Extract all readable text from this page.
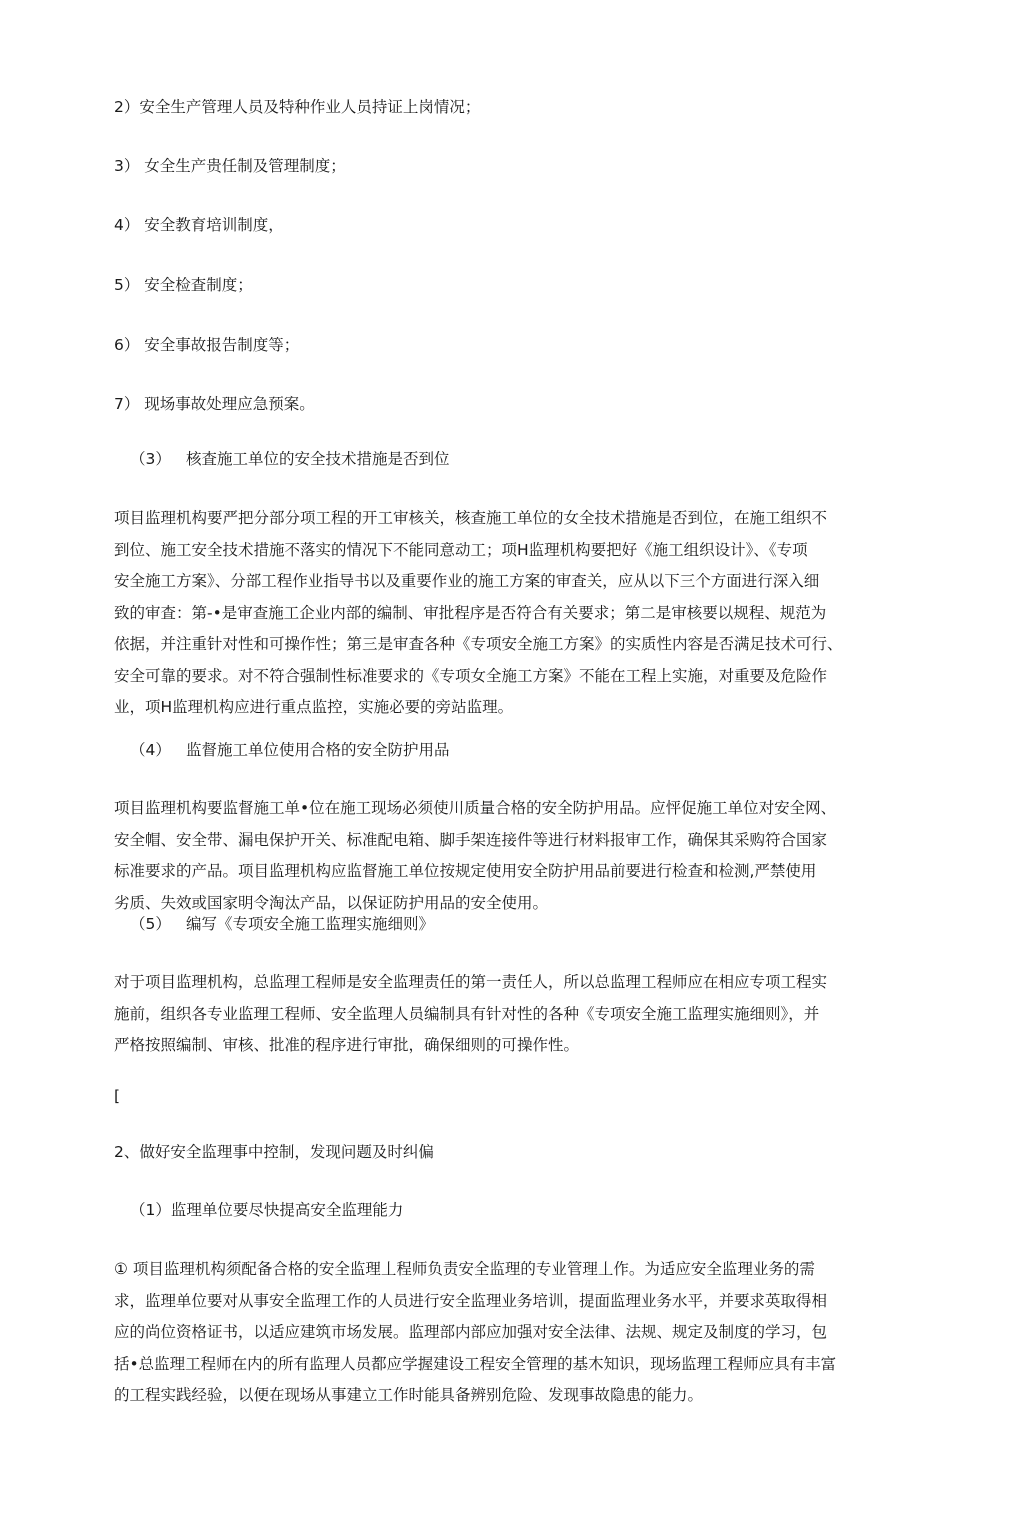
2）安全生产管理人员及特种作业人员持证上岗情况；
3） 女全生产贵任制及管理制度；
4） 安全教育培训制度，
5） 安全检査制度；
6） 安全事故报告制度等；
7） 现场事故处理应急预案。
（3） 核査施工单位的安全技术措施是否到位
项目监理机构要严把分部分项工程的开工审核关，核查施工单位的女全技术措施是否到位，在施工组织不
到位、施工安全技术措施不落实的情况下不能同意动工；项H监理机构要把好《施工组织设计》、《专项
安全施工方案》、分部工程作业指导书以及重要作业的施工方案的审査关，应从以下三个方面进行深入细
致的审査：第-•是审查施工企业内部的编制、审批程序是否符合有关要求；第二是审核要以规程、规范为
依据，并注重针对性和可操作性；第三是审査各种《专项安全施工方案》的实质性内容是否满足技术可行、
安全可靠的要求。对不符合强制性标准要求的《专项女全施工方案》不能在工程上实施，对重要及危险作
业，项H监理机构应进行重点监控，实施必要的旁站监理。
（4） 监督施工单位使用合格的安全防护用品
项目监理机构要监督施工单•位在施工现场必须使川质量合格的安全防护用品。应怦促施工单位对安全网、
安全帽、安全带、漏电保护开关、标准配电箱、脚手架连接件等进行材料报审工作，确保其采购符合国家
标准要求的产品。项目监理机构应监督施工单位按规定使用安全防护用品前要进行检查和检测,严禁使用
劣质、失效或国家明令淘汰产品，以保证防护用品的安全使用。
（5） 编写《专项安全施工监理实施细则》
对于项目监理机构，总监理工程师是安全监理责任的第一责任人，所以总监理工程师应在相应专项工程实
施前，组织各专业监理工程师、安全监理人员编制具有针对性的各种《专项安全施工监理实施细则》，并
严格按照编制、审核、批准的程序进行审批，确保细则的可操作性。
[
2、做好安全监理事中控制，发现问题及时纠偏
（1）监理单位要尽快提高安全监理能力
① 项目监理机构须配备合格的安全监理丄程师负责安全监理的专业管理丄作。为适应安全监理业务的需
求，监理单位要对从事安全监理工作的人员进行安全监理业务培训，提面监理业务水平，并要求英取得相
应的尚位资格证书，以适应建筑市场发展。监理部内部应加强对安全法律、法规、规定及制度的学习，包
括•总监理工程师在内的所有监理人员都应学握建设工程安全管理的基木知识，现场监理工程师应具有丰富
的工程实践经验，以便在现场从事建立工作时能具备辨别危险、发现事故隐患的能力。
